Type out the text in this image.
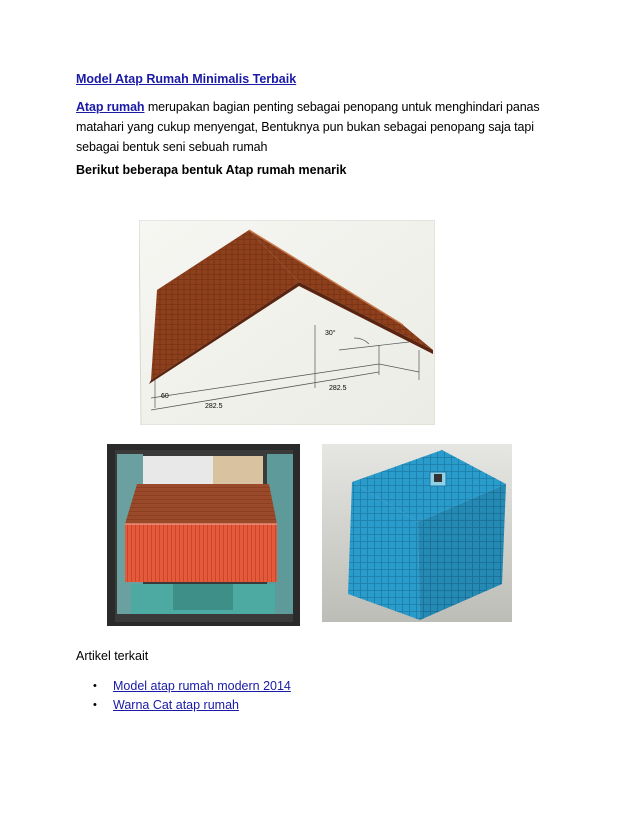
Model Atap Rumah Minimalis Terbaik
Atap rumah merupakan bagian penting sebagai penopang untuk menghindari panas
matahari yang cukup menyengat, Bentuknya pun bukan sebagai penopang saja tapi
sebagai bentuk seni sebuah rumah
Berikut beberapa bentuk Atap rumah menarik
30°
60
282.5
282.5
Artikel terkait
•	Model atap rumah modern 2014
•	Warna Cat atap rumah
